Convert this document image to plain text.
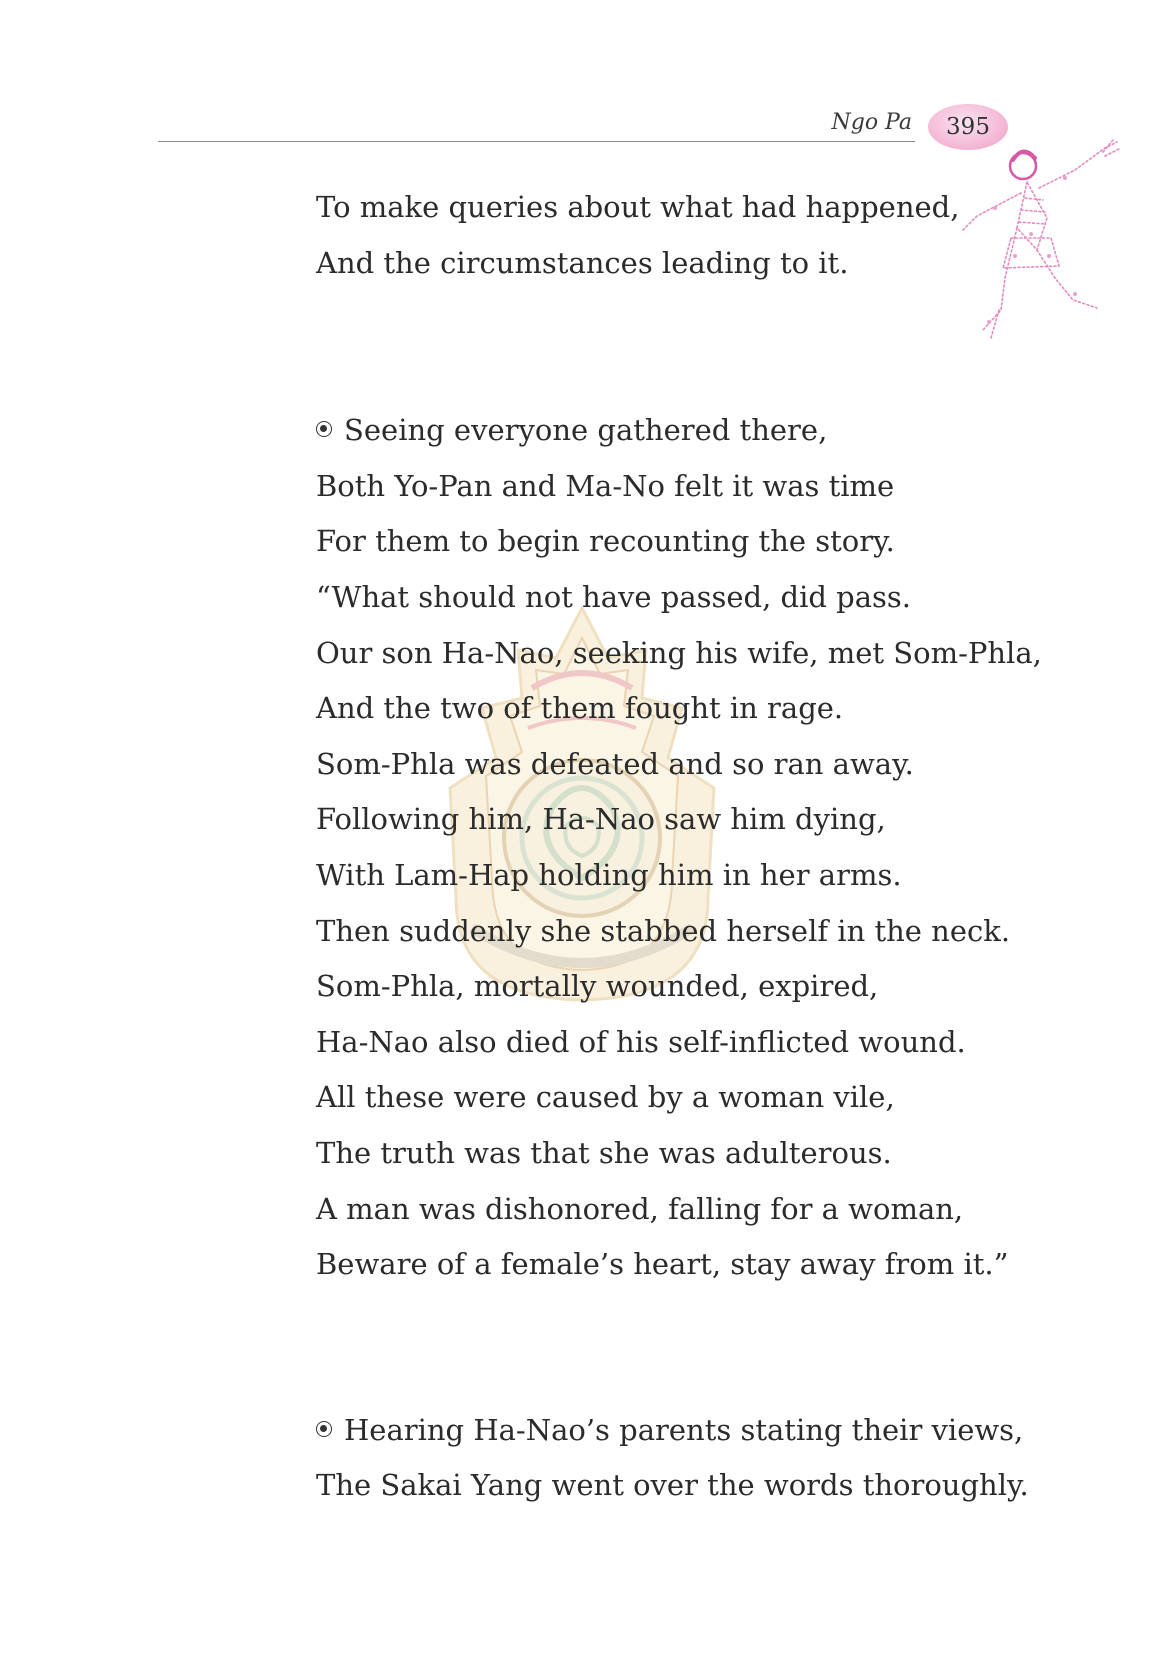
Ngo Pa	395
To make queries about what had happened,
And the circumstances leading to it.
Seeing everyone gathered there,
Both Yo-Pan and Ma-No felt it was time
For them to begin recounting the story.
“What should not have passed, did pass.
Our son Ha-Nao, seeking his wife, met Som-Phla,
And the two of them fought in rage.
Som-Phla was defeated and so ran away.
Following him, Ha-Nao saw him dying,
With Lam-Hap holding him in her arms.
Then suddenly she stabbed herself in the neck.
Som-Phla, mortally wounded, expired,
Ha-Nao also died of his self-inflicted wound.
All these were caused by a woman vile,
The truth was that she was adulterous.
A man was dishonored, falling for a woman,
Beware of a female’s heart, stay away from it.”
Hearing Ha-Nao’s parents stating their views,
The Sakai Yang went over the words thoroughly.
